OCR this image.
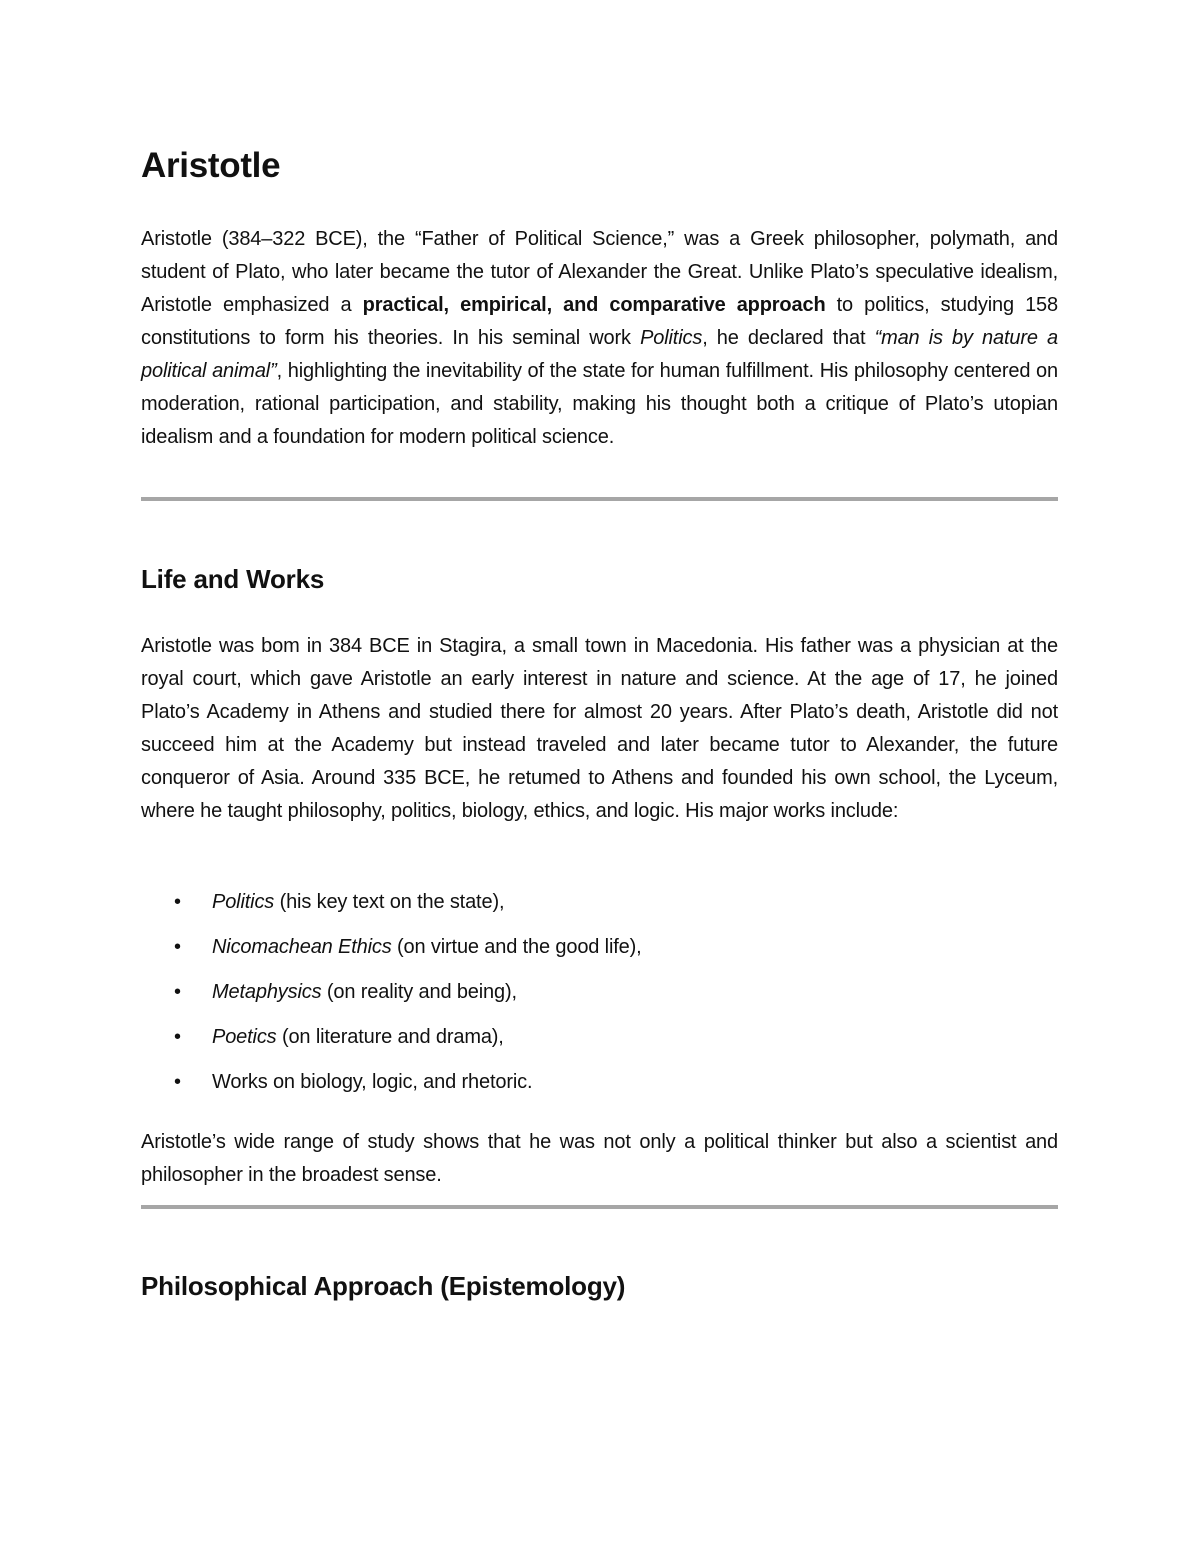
Aristotle

Aristotle (384–322 BCE), the “Father of Political Science,” was a Greek philosopher, polymath, and student of Plato, who later became the tutor of Alexander the Great. Unlike Plato’s speculative idealism, Aristotle emphasized a practical, empirical, and comparative approach to politics, studying 158 constitutions to form his theories. In his seminal work Politics, he declared that “man is by nature a political animal”, highlighting the inevitability of the state for human fulfillment. His philosophy centered on moderation, rational participation, and stability, making his thought both a critique of Plato’s utopian idealism and a foundation for modern political science.

Life and Works

Aristotle was bom in 384 BCE in Stagira, a small town in Macedonia. His father was a physician at the royal court, which gave Aristotle an early interest in nature and science. At the age of 17, he joined Plato’s Academy in Athens and studied there for almost 20 years. After Plato’s death, Aristotle did not succeed him at the Academy but instead traveled and later became tutor to Alexander, the future conqueror of Asia. Around 335 BCE, he retumed to Athens and founded his own school, the Lyceum, where he taught philosophy, politics, biology, ethics, and logic. His major works include:

• Politics (his key text on the state),
• Nicomachean Ethics (on virtue and the good life),
• Metaphysics (on reality and being),
• Poetics (on literature and drama),
• Works on biology, logic, and rhetoric.

Aristotle’s wide range of study shows that he was not only a political thinker but also a scientist and philosopher in the broadest sense.

Philosophical Approach (Epistemology)
